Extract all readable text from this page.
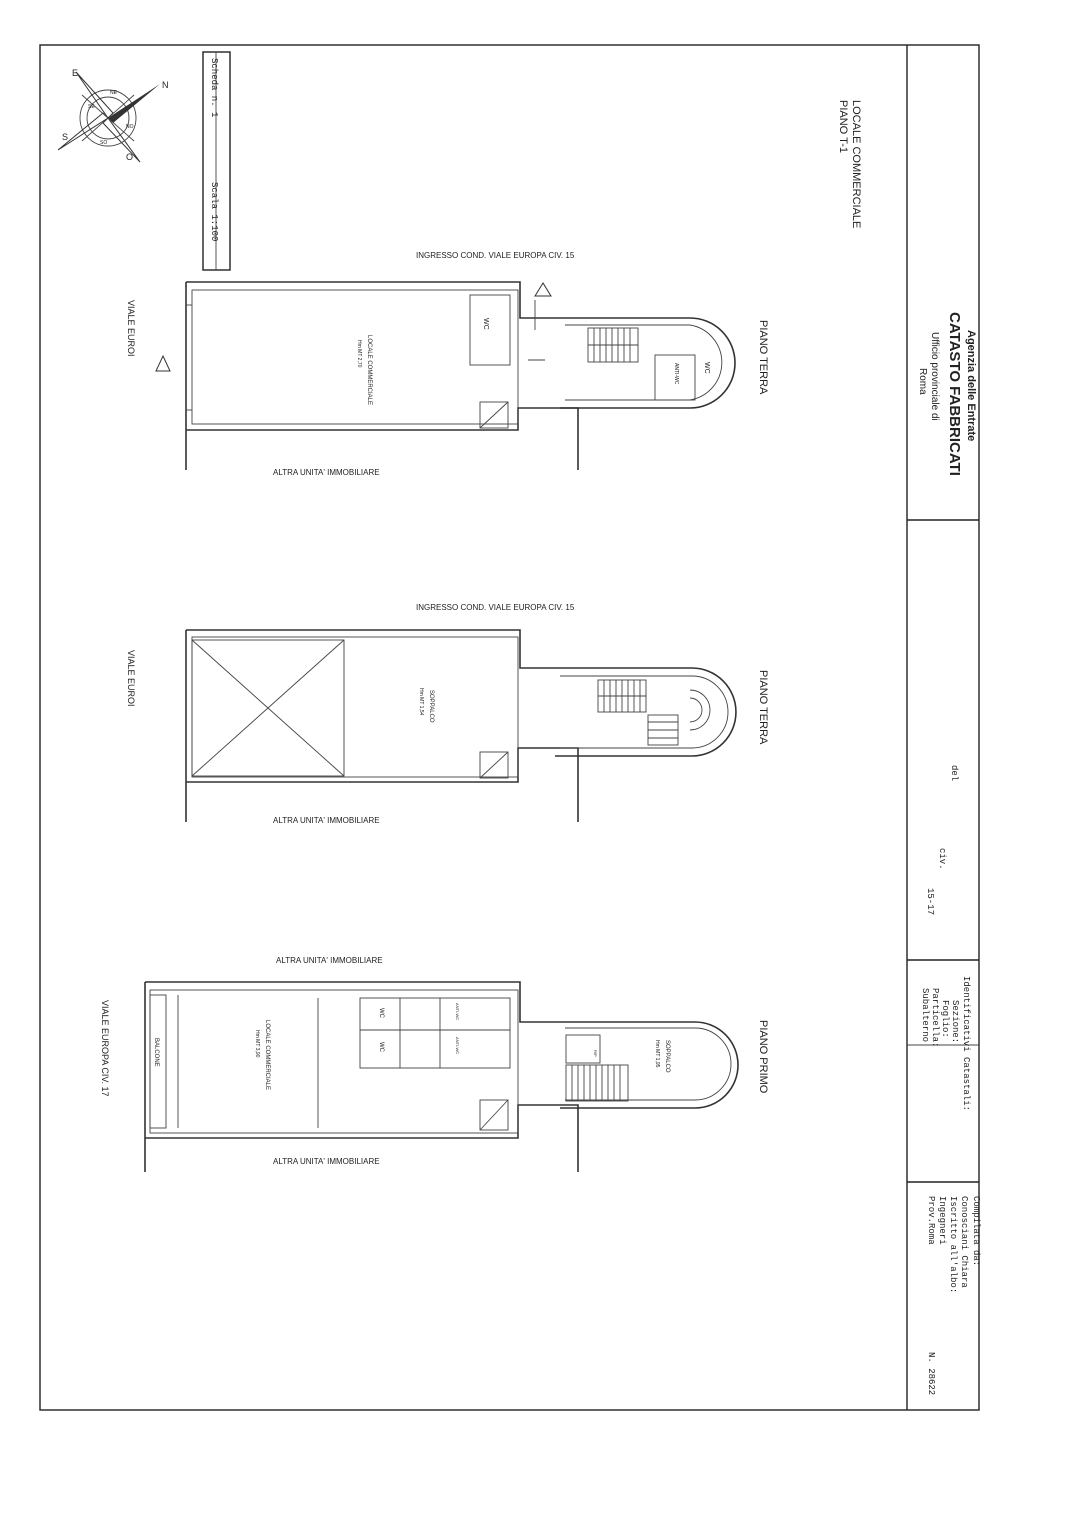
Scheda n. 1
Scala 1:100	LOCALE COMMERCIALE
PIANO T-1
N
S
E
O
NE
NO
SE
SO
Agenzia delle Entrate
CATASTO FABBRICATI
Ufficio provinciale di
Roma
del
civ.
15-17
Identificativi Catastali:
Sezione:
Foglio:
Particella:
Subalterno
Compilata da:
Conosciani Chiara
Iscritto all'albo:
Ingegneri
Prov.Roma
N. 28622
INGRESSO COND. VIALE EUROPA CIV. 15
ALTRA UNITA' IMMOBILIARE
VIALE EUROI	PIANO TERRA
LOCALE COMMERCIALE
Hm MT 2,70
WC
WC
ANTI-WC
INGRESSO COND. VIALE EUROPA CIV. 15
ALTRA UNITA' IMMOBILIARE
VIALE EUROI	PIANO TERRA
SOPPALCO
Hm MT 1,54
ALTRA UNITA' IMMOBILIARE
ALTRA UNITA' IMMOBILIARE
VIALE EUROPA CIV. 17	PIANO PRIMO
BALCONE	LOCALE COMMERCIALE
Hm MT 3,90
WC
WC
ANTI-WC
ANTI-WC	SOPPALCO
Hm MT 1,95
RIP
